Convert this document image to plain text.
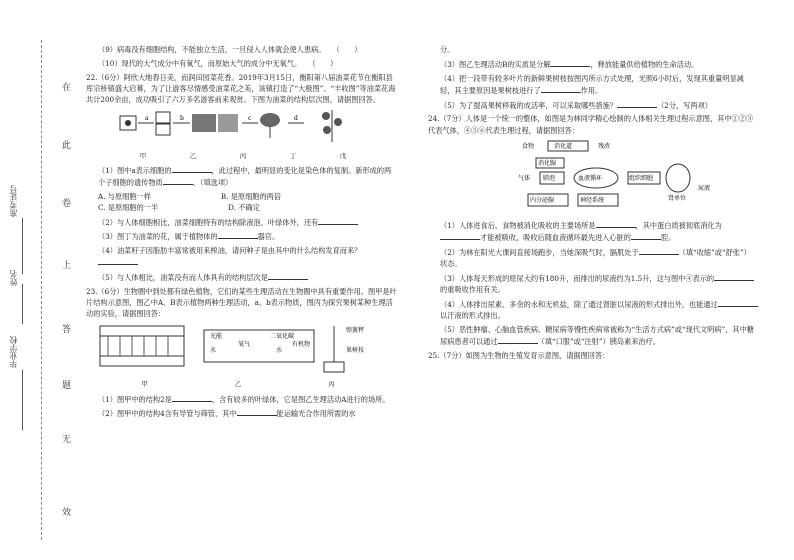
在
此
卷
上
答
题
无
效
准考证号
姓名
毕业学校

（9）病毒没有细胞结构，不能独立生活，一旦侵入人体就会使人患病。　　（　　）

（10）现代的大气成分中有氧气，而原始大气的成分中无氧气。　　（　　）

22.（6分）阿欣大地春日美，而润田园菜花香。2019年3月15日，衡阳第八届油菜花节在衡阳县库宗桥镇盛大启幕，为了让游客尽情感受油菜花之美，该镇打造了“大极图”、“丰收图”等油菜花海共计200余亩，成功吸引了六万多名游客前来观赏。下图为油菜的结构层次图，请据图回答。

a	b	c	d
甲	乙	丙	丁	戊

（1）图中a表示细胞的	，此过程中，最明显的变化是染色体的复制。新形成的两个子细胞的遗传物质	。（填选项）

A. 与原细胞一样	B. 是原细胞的两倍
C. 是原细胞的一半	D. 不确定

（2）与人体细胞相比，油菜细胞特有的结构除液泡、叶绿体外，还有

（3）图丁为油菜的花，属于植物体的	器官。

（4）油菜籽子因脂肪丰富常被用来榨油，请问种子是由其中的什么结构发育而来？

（5）与人体相比，油菜没有而人体具有的结构层次是

23.（6分）生物圈中到处都有绿色植物，它们的某些生理活动在生物圈中具有重要作用。图甲是叶片结构示意图，图乙中A、B表示植物两种生理活动，a、b表示物质，图丙为探究果树某种生理活动的实验，请据图回答：

光能
水
氧气
二氧化碳
水
有机物
弹簧秤
果树枝
甲	乙	丙

（1）图甲中的结构2是	，含有较多的叶绿体，它是图乙生理活动A进行的场所。

（2）图甲中的结构4含有导管与筛管，其中	能运输光合作用所需的水

分。

（3）图乙生理活动B的实质是分解	，释放能量供给植物的生命活动。

（4）把一段带有较多叶片的新鲜果树枝按图丙所示方式处理，光照6小时后，发现其重量明显减轻，其主要原因是果树枝进行了	作用。

（5）为了提高果树移栽的成活率，可以采取哪些措施？	（2分，写两项）

24.（7分）人体是一个统一的整体，如图是为林同学精心绘制的人体相关生理过程示意图，其中①②③代表气体，④⑤⑥代表生理过程，请据图回答：

食物	消化道	残渣
消化腺
气体 肺泡	血液循环	组织细胞
肾单位
尿液
内分泌腺	神经系统

（1）人体进食后，食物被消化吸收的主要场所是	，其中蛋白质被彻底消化为才能被吸收，吸收后随血液循环最先进入心脏的	腔。

（2）为林在阳光大课间直接场跑步，当她深吸气时，膈肌处于	（填“收缩”或“舒张”）状态。

（3）人体每天形成的原尿大约有180升，而排出的尿液约为1.5升，这与图中④表示的的重吸收作用有关。

（4）人体排出尿素、多余的水和无机盐，除了通过肾脏以尿液的形式排出外，也能通过以汗液的形式排出。

（5）恶性肿瘤、心脑血管疾病、糖尿病等慢性疾病常被称为“生活方式病”或“现代文明病”，其中糖尿病患者可以通过	（填“口服”或“注射”）胰岛素来治疗。

25.（7分）如图为生物的生殖发育示意图，请据图回答：
